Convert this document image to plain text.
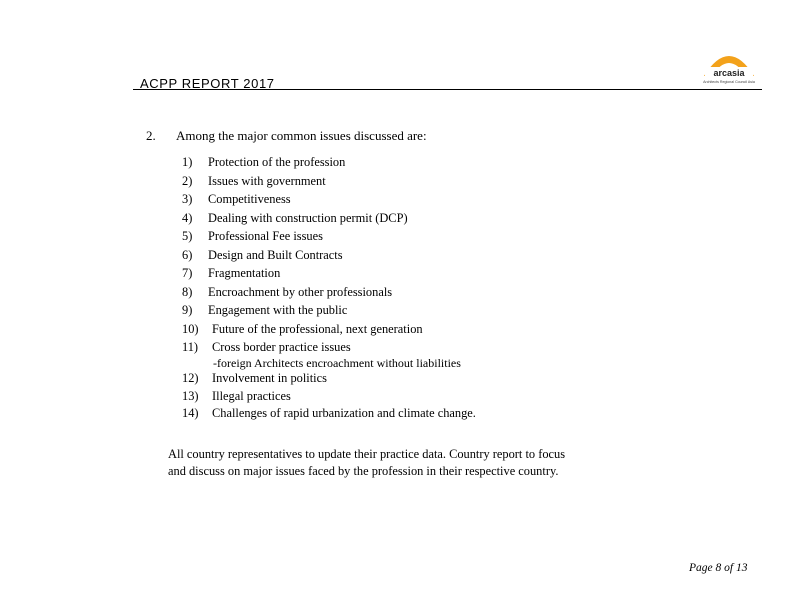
ACPP REPORT 2017
arcasia
Architects Regional Council Asia
2. Among the major common issues discussed are:
1) Protection of the profession
2) Issues with government
3) Competitiveness
4) Dealing with construction permit (DCP)
5) Professional Fee issues
6) Design and Built Contracts
7) Fragmentation
8) Encroachment by other professionals
9) Engagement with the public
10) Future of the professional, next generation
11) Cross border practice issues
-foreign Architects encroachment without liabilities
12) Involvement in politics
13) Illegal practices
14) Challenges of rapid urbanization and climate change.
All country representatives to update their practice data. Country report to focus
and discuss on major issues faced by the profession in their respective country.
Page 8 of 13
